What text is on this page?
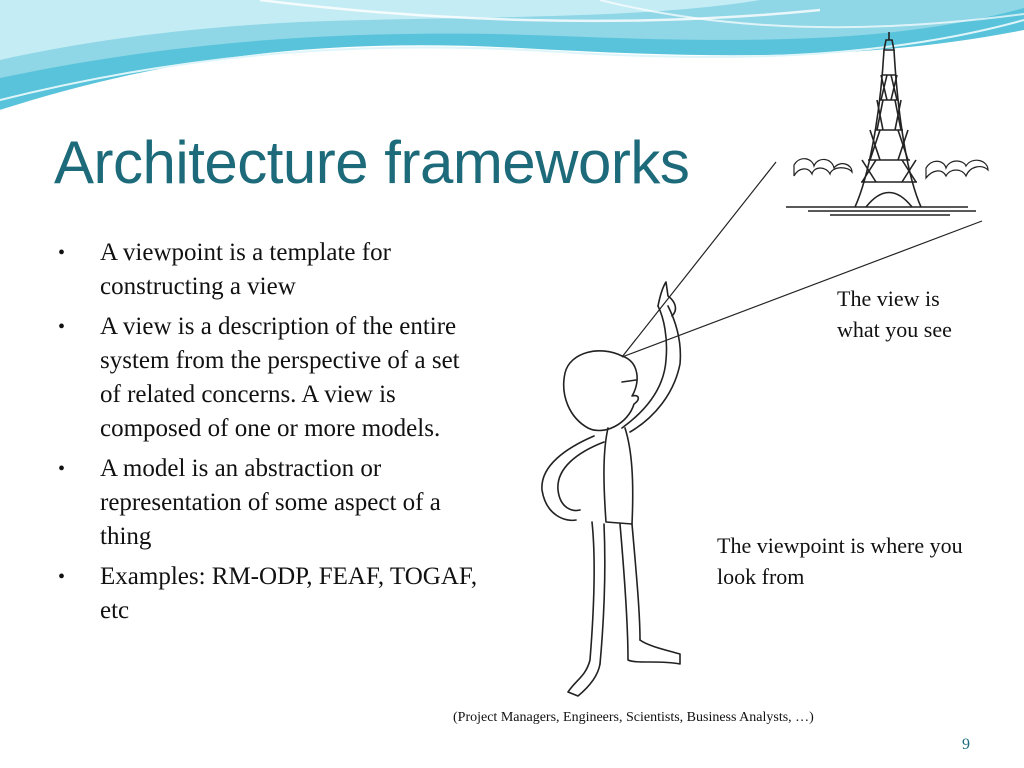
Architecture frameworks
• A viewpoint is a template for constructing a view
• A view is a description of the entire system from the perspective of a set of related concerns. A view is composed of one or more models.
• A model is an abstraction or representation of some aspect of a thing
• Examples: RM-ODP, FEAF, TOGAF, etc
The view is what you see
The viewpoint is where you look from
(Project Managers, Engineers, Scientists, Business Analysts, …)
9
